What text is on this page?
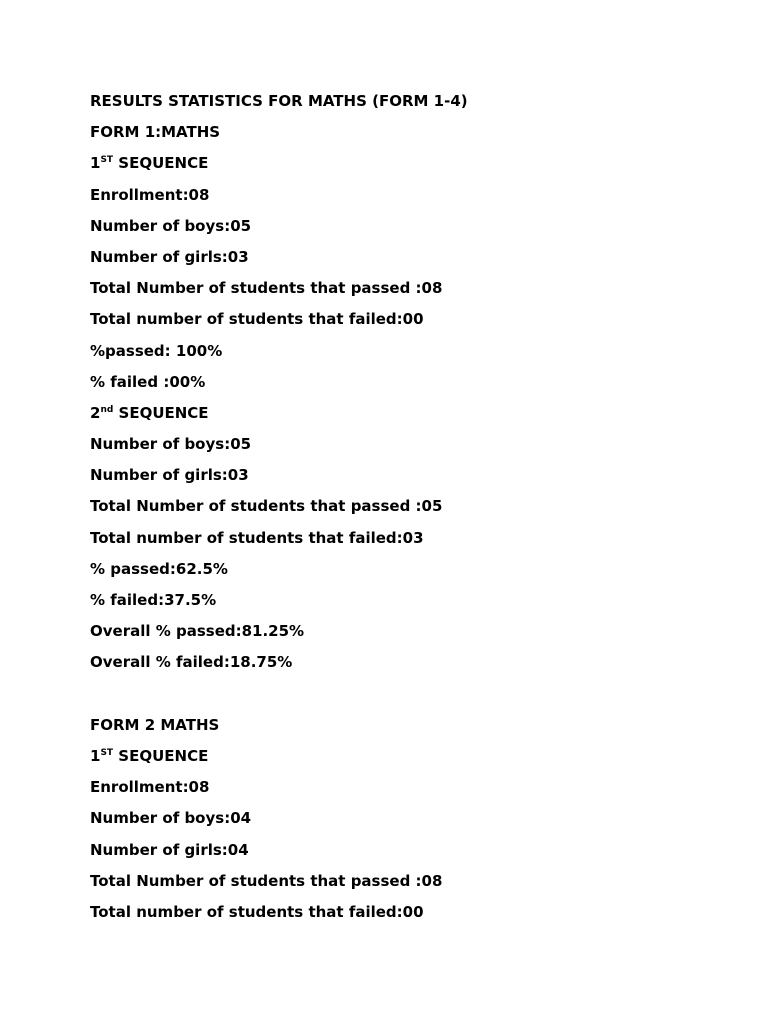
RESULTS STATISTICS FOR MATHS (FORM 1-4)
FORM 1:MATHS
1ST SEQUENCE
Enrollment:08
Number of boys:05
Number of girls:03
Total Number of students that passed :08
Total number of students that failed:00
%passed: 100%
% failed :00%
2nd SEQUENCE
Number of boys:05
Number of girls:03
Total Number of students that passed :05
Total number of students that failed:03
% passed:62.5%
% failed:37.5%
Overall % passed:81.25%
Overall % failed:18.75%
FORM 2 MATHS
1ST SEQUENCE
Enrollment:08
Number of boys:04
Number of girls:04
Total Number of students that passed :08
Total number of students that failed:00
